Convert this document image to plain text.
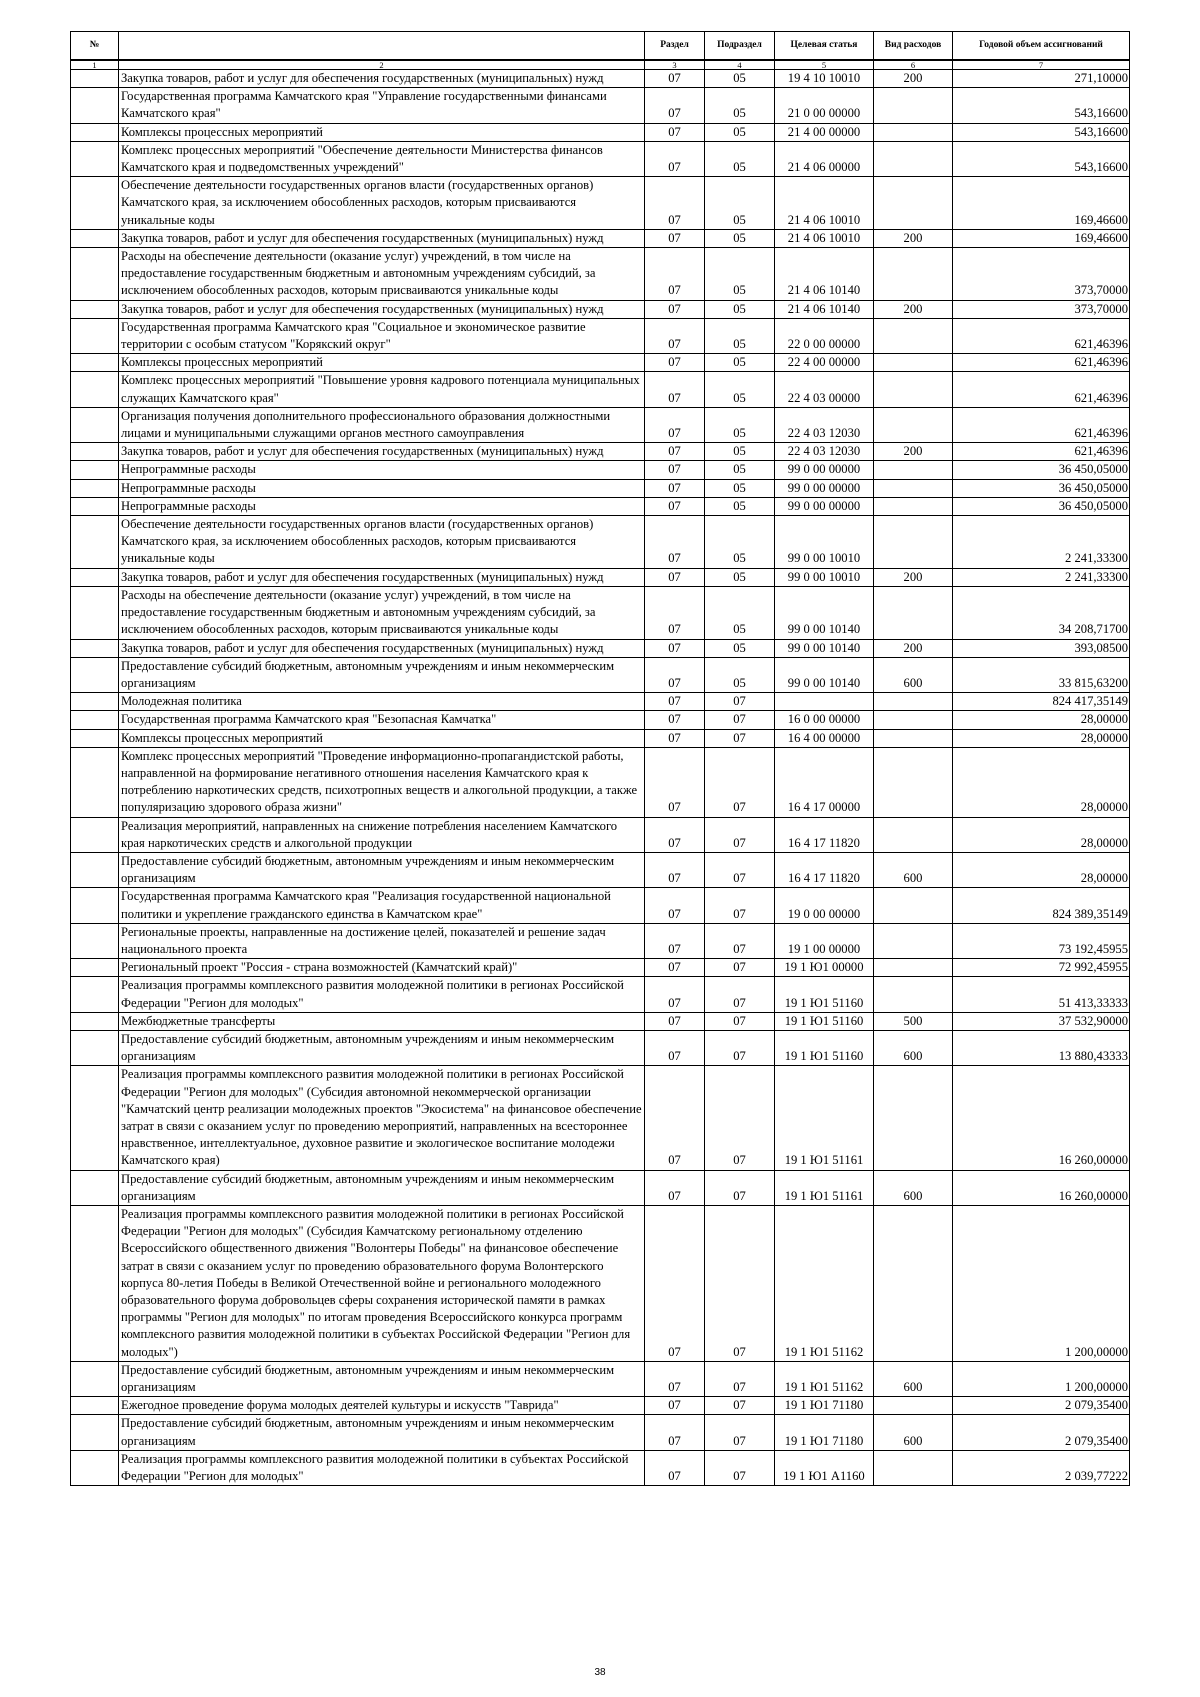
№		Раздел	Подраздел	Целевая статья	Вид расходов	Годовой объем ассигнований
1	2	3	4	5	6	7
	Закупка товаров, работ и услуг для обеспечения государственных (муниципальных) нужд	07	05	19 4 10 10010	200	271,10000
	Государственная программа Камчатского края "Управление государственными финансами Камчатского края"	07	05	21 0 00 00000		543,16600
	Комплексы процессных мероприятий	07	05	21 4 00 00000		543,16600
	Комплекс процессных мероприятий "Обеспечение деятельности Министерства финансов Камчатского края и подведомственных учреждений"	07	05	21 4 06 00000		543,16600
	Обеспечение деятельности государственных органов власти (государственных органов) Камчатского края, за исключением обособленных расходов, которым присваиваются уникальные коды	07	05	21 4 06 10010		169,46600
	Закупка товаров, работ и услуг для обеспечения государственных (муниципальных) нужд	07	05	21 4 06 10010	200	169,46600
	Расходы на обеспечение деятельности (оказание услуг) учреждений, в том числе на предоставление государственным бюджетным и автономным учреждениям субсидий, за исключением обособленных расходов, которым присваиваются уникальные коды	07	05	21 4 06 10140		373,70000
	Закупка товаров, работ и услуг для обеспечения государственных (муниципальных) нужд	07	05	21 4 06 10140	200	373,70000
	Государственная программа Камчатского края "Социальное и экономическое развитие территории с особым статусом "Корякский округ"	07	05	22 0 00 00000		621,46396
	Комплексы процессных мероприятий	07	05	22 4 00 00000		621,46396
	Комплекс процессных мероприятий "Повышение уровня кадрового потенциала муниципальных служащих Камчатского края"	07	05	22 4 03 00000		621,46396
	Организация получения дополнительного профессионального образования должностными лицами и муниципальными служащими органов местного самоуправления	07	05	22 4 03 12030		621,46396
	Закупка товаров, работ и услуг для обеспечения государственных (муниципальных) нужд	07	05	22 4 03 12030	200	621,46396
	Непрограммные расходы	07	05	99 0 00 00000		36 450,05000
	Непрограммные расходы	07	05	99 0 00 00000		36 450,05000
	Непрограммные расходы	07	05	99 0 00 00000		36 450,05000
	Обеспечение деятельности государственных органов власти (государственных органов) Камчатского края, за исключением обособленных расходов, которым присваиваются уникальные коды	07	05	99 0 00 10010		2 241,33300
	Закупка товаров, работ и услуг для обеспечения государственных (муниципальных) нужд	07	05	99 0 00 10010	200	2 241,33300
	Расходы на обеспечение деятельности (оказание услуг) учреждений, в том числе на предоставление государственным бюджетным и автономным учреждениям субсидий, за исключением обособленных расходов, которым присваиваются уникальные коды	07	05	99 0 00 10140		34 208,71700
	Закупка товаров, работ и услуг для обеспечения государственных (муниципальных) нужд	07	05	99 0 00 10140	200	393,08500
	Предоставление субсидий бюджетным, автономным учреждениям и иным некоммерческим организациям	07	05	99 0 00 10140	600	33 815,63200
	Молодежная политика	07	07			824 417,35149
	Государственная программа Камчатского края "Безопасная Камчатка"	07	07	16 0 00 00000		28,00000
	Комплексы процессных мероприятий	07	07	16 4 00 00000		28,00000
	Комплекс процессных мероприятий "Проведение информационно-пропагандистской работы, направленной на формирование негативного отношения населения Камчатского края к потреблению наркотических средств, психотропных веществ и алкогольной продукции, а также популяризацию здорового образа жизни"	07	07	16 4 17 00000		28,00000
	Реализация мероприятий, направленных на снижение потребления населением Камчатского края наркотических средств и алкогольной продукции	07	07	16 4 17 11820		28,00000
	Предоставление субсидий бюджетным, автономным учреждениям и иным некоммерческим организациям	07	07	16 4 17 11820	600	28,00000
	Государственная программа Камчатского края "Реализация государственной национальной политики и укрепление гражданского единства в Камчатском крае"	07	07	19 0 00 00000		824 389,35149
	Региональные проекты, направленные на достижение целей, показателей и решение задач национального проекта	07	07	19 1 00 00000		73 192,45955
	Региональный проект "Россия - страна возможностей (Камчатский край)"	07	07	19 1 Ю1 00000		72 992,45955
	Реализация программы комплексного развития молодежной политики в регионах Российской Федерации "Регион для молодых"	07	07	19 1 Ю1 51160		51 413,33333
	Межбюджетные трансферты	07	07	19 1 Ю1 51160	500	37 532,90000
	Предоставление субсидий бюджетным, автономным учреждениям и иным некоммерческим организациям	07	07	19 1 Ю1 51160	600	13 880,43333
	Реализация программы комплексного развития молодежной политики в регионах Российской Федерации "Регион для молодых" (Субсидия автономной некоммерческой организации "Камчатский центр реализации молодежных проектов "Экосистема" на финансовое обеспечение затрат в связи с оказанием услуг по проведению мероприятий, направленных на всестороннее нравственное, интеллектуальное, духовное развитие и экологическое воспитание молодежи Камчатского края)	07	07	19 1 Ю1 51161		16 260,00000
	Предоставление субсидий бюджетным, автономным учреждениям и иным некоммерческим организациям	07	07	19 1 Ю1 51161	600	16 260,00000
	Реализация программы комплексного развития молодежной политики в регионах Российской Федерации "Регион для молодых" (Субсидия Камчатскому региональному отделению Всероссийского общественного движения "Волонтеры Победы" на финансовое обеспечение затрат в связи с оказанием услуг по проведению образовательного форума Волонтерского корпуса 80-летия Победы в Великой Отечественной войне и регионального молодежного образовательного форума добровольцев сферы сохранения исторической памяти в рамках программы "Регион для молодых" по итогам проведения Всероссийского конкурса программ комплексного развития молодежной политики в субъектах Российской Федерации "Регион для молодых")	07	07	19 1 Ю1 51162		1 200,00000
	Предоставление субсидий бюджетным, автономным учреждениям и иным некоммерческим организациям	07	07	19 1 Ю1 51162	600	1 200,00000
	Ежегодное проведение форума молодых деятелей культуры и искусств "Таврида"	07	07	19 1 Ю1 71180		2 079,35400
	Предоставление субсидий бюджетным, автономным учреждениям и иным некоммерческим организациям	07	07	19 1 Ю1 71180	600	2 079,35400
	Реализация программы комплексного развития молодежной политики в субъектах Российской Федерации "Регион для молодых"	07	07	19 1 Ю1 А1160		2 039,77222
38
